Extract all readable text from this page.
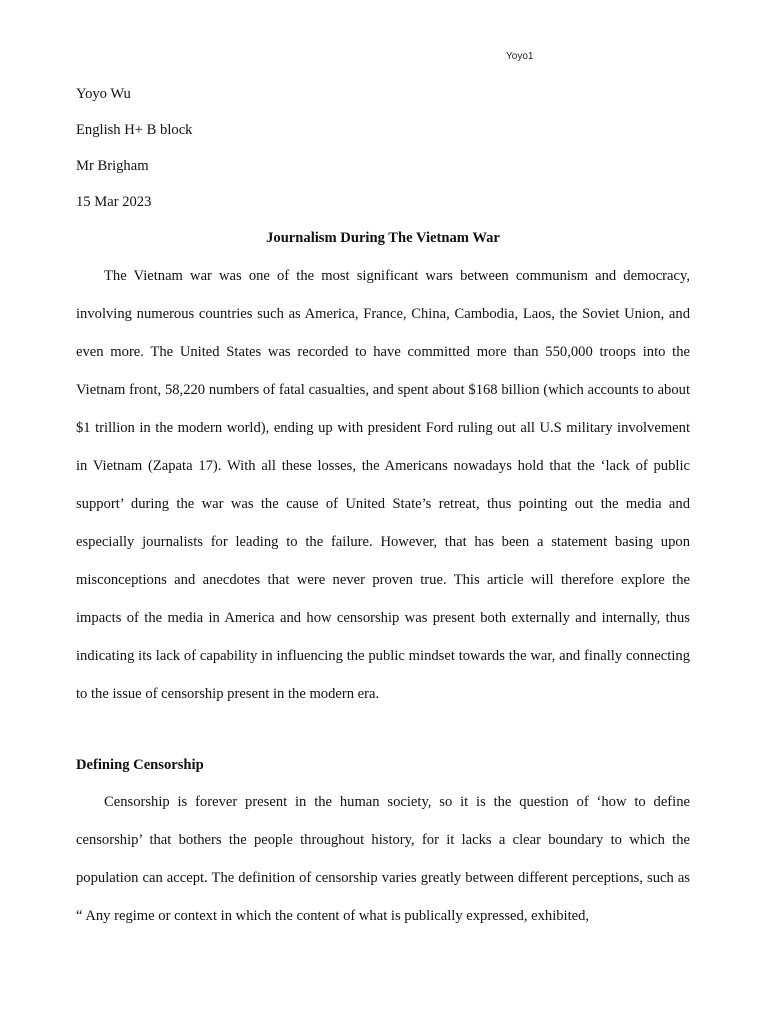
Yoyo1
Yoyo Wu
English H+ B block
Mr Brigham
15 Mar 2023
Journalism During The Vietnam War

The Vietnam war was one of the most significant wars between communism and democracy, involving numerous countries such as America, France, China, Cambodia, Laos, the Soviet Union, and even more. The United States was recorded to have committed more than 550,000 troops into the Vietnam front, 58,220 numbers of fatal casualties, and spent about $168 billion (which accounts to about $1 trillion in the modern world), ending up with president Ford ruling out all U.S military involvement in Vietnam (Zapata 17). With all these losses, the Americans nowadays hold that the ‘lack of public support’ during the war was the cause of United State’s retreat, thus pointing out the media and especially journalists for leading to the failure. However, that has been a statement basing upon misconceptions and anecdotes that were never proven true. This article will therefore explore the impacts of the media in America and how censorship was present both externally and internally, thus indicating its lack of capability in influencing the public mindset towards the war, and finally connecting to the issue of censorship present in the modern era.

Defining Censorship

Censorship is forever present in the human society, so it is the question of ‘how to define censorship’ that bothers the people throughout history, for it lacks a clear boundary to which the population can accept. The definition of censorship varies greatly between different perceptions, such as “ Any regime or context in which the content of what is publically expressed, exhibited,
